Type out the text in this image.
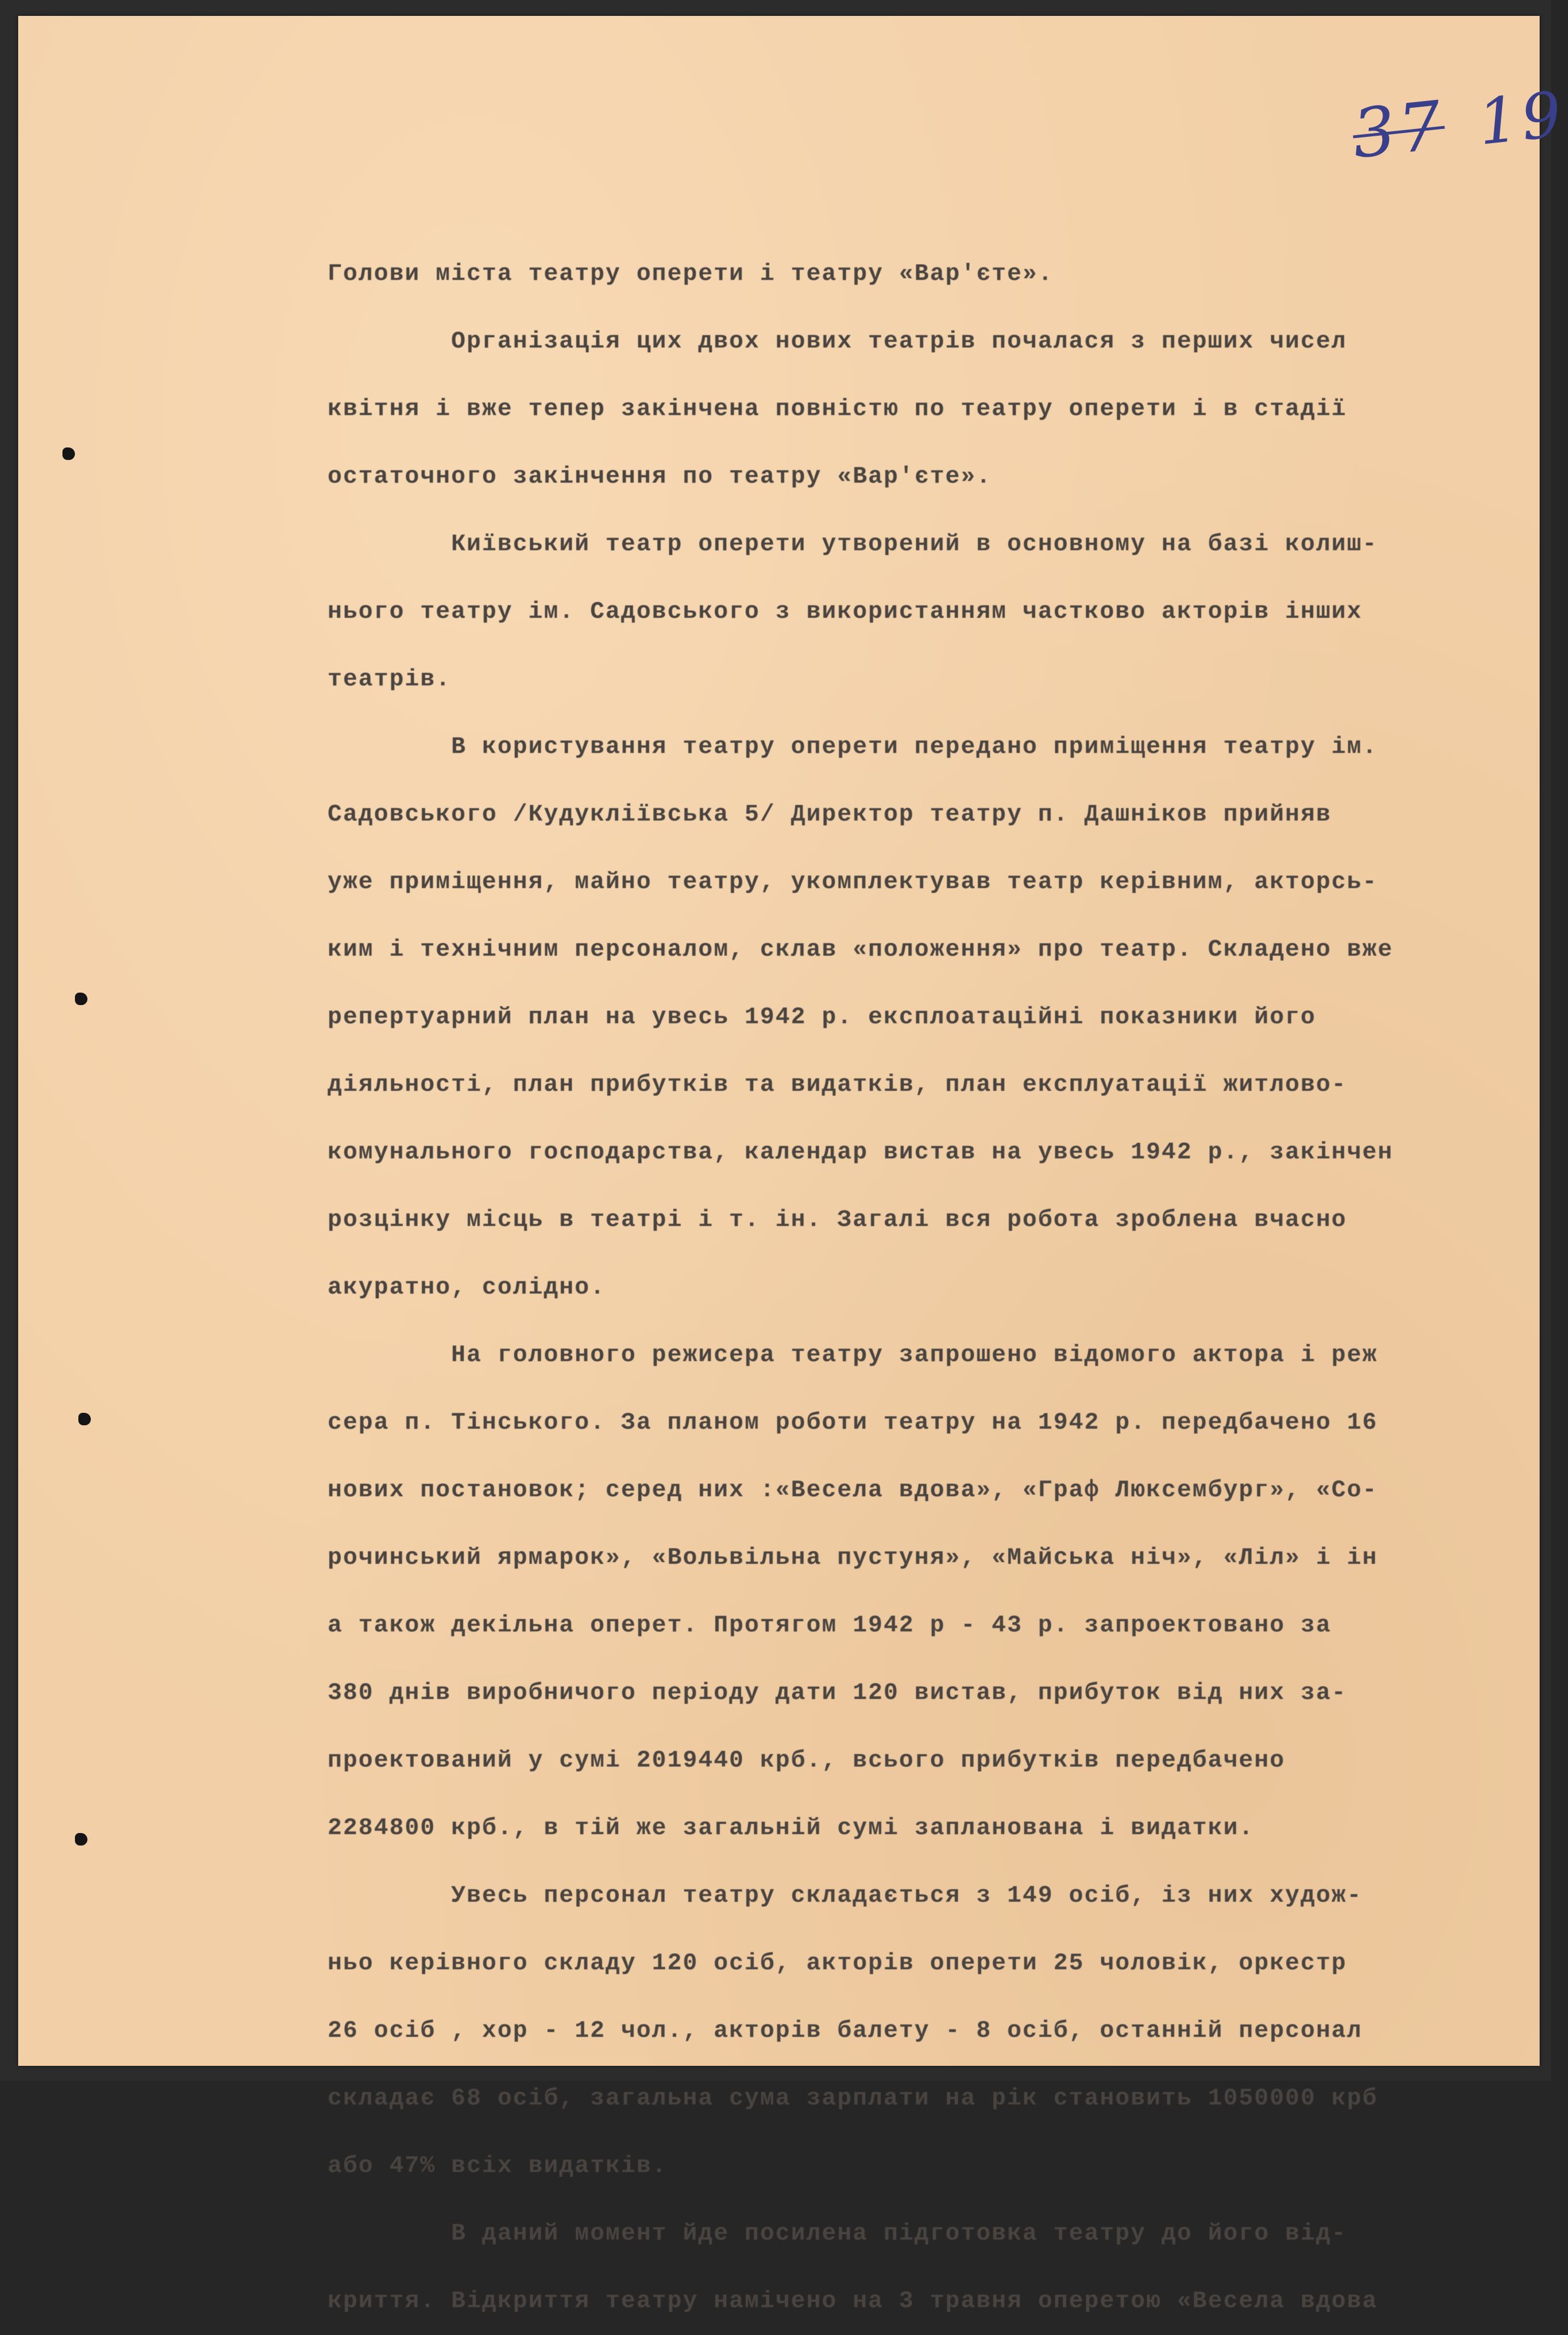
37 19
Голови міста театру оперети і театру «Вар'єте».
Організація цих двох нових театрів почалася з перших чисел
квітня і вже тепер закінчена повністю по театру оперети і в стадії
остаточного закінчення по театру «Вар'єте».
Київський театр оперети утворений в основному на базі колиш-
нього театру ім. Садовського з використанням частково акторів інших
театрів.
В користування театру оперети передано приміщення театру ім.
Садовського /Кудукліївська 5/ Директор театру п. Дашніков прийняв
уже приміщення, майно театру, укомплектував театр керівним, акторсь-
ким і технічним персоналом, склав «положення» про театр. Складено вже
репертуарний план на увесь 1942 р. експлоатаційні показники його
діяльності, план прибутків та видатків, план експлуатації житлово-
комунального господарства, календар вистав на увесь 1942 р., закінчен
розцінку місць в театрі і т. ін. Загалі вся робота зроблена вчасно
акуратно, солідно.
На головного режисера театру запрошено відомого актора і реж
сера п. Тінського. За планом роботи театру на 1942 р. передбачено 16
нових постановок; серед них :«Весела вдова», «Граф Люксембург», «Со-
рочинський ярмарок», «Вольвільна пустуня», «Майська ніч», «Ліл» і ін
а також декільна оперет. Протягом 1942 р - 43 р. запроектовано за
380 днів виробничого періоду дати 120 вистав, прибуток від них за-
проектований у сумі 2019440 крб., всього прибутків передбачено
2284800 крб., в тій же загальній сумі запланована і видатки.
Увесь персонал театру складається з 149 осіб, із них худож-
ньо керівного складу 120 осіб, акторів оперети 25 чоловік, оркестр
26 осіб , хор - 12 чол., акторів балету - 8 осіб, останній персонал
складає 68 осіб, загальна сума зарплати на рік становить 1050000 крб
або 47% всіх видатків.
В даний момент йде посилена підготовка театру до його від-
криття. Відкриття театру намічено на 3 травня оперетою «Весела вдова
